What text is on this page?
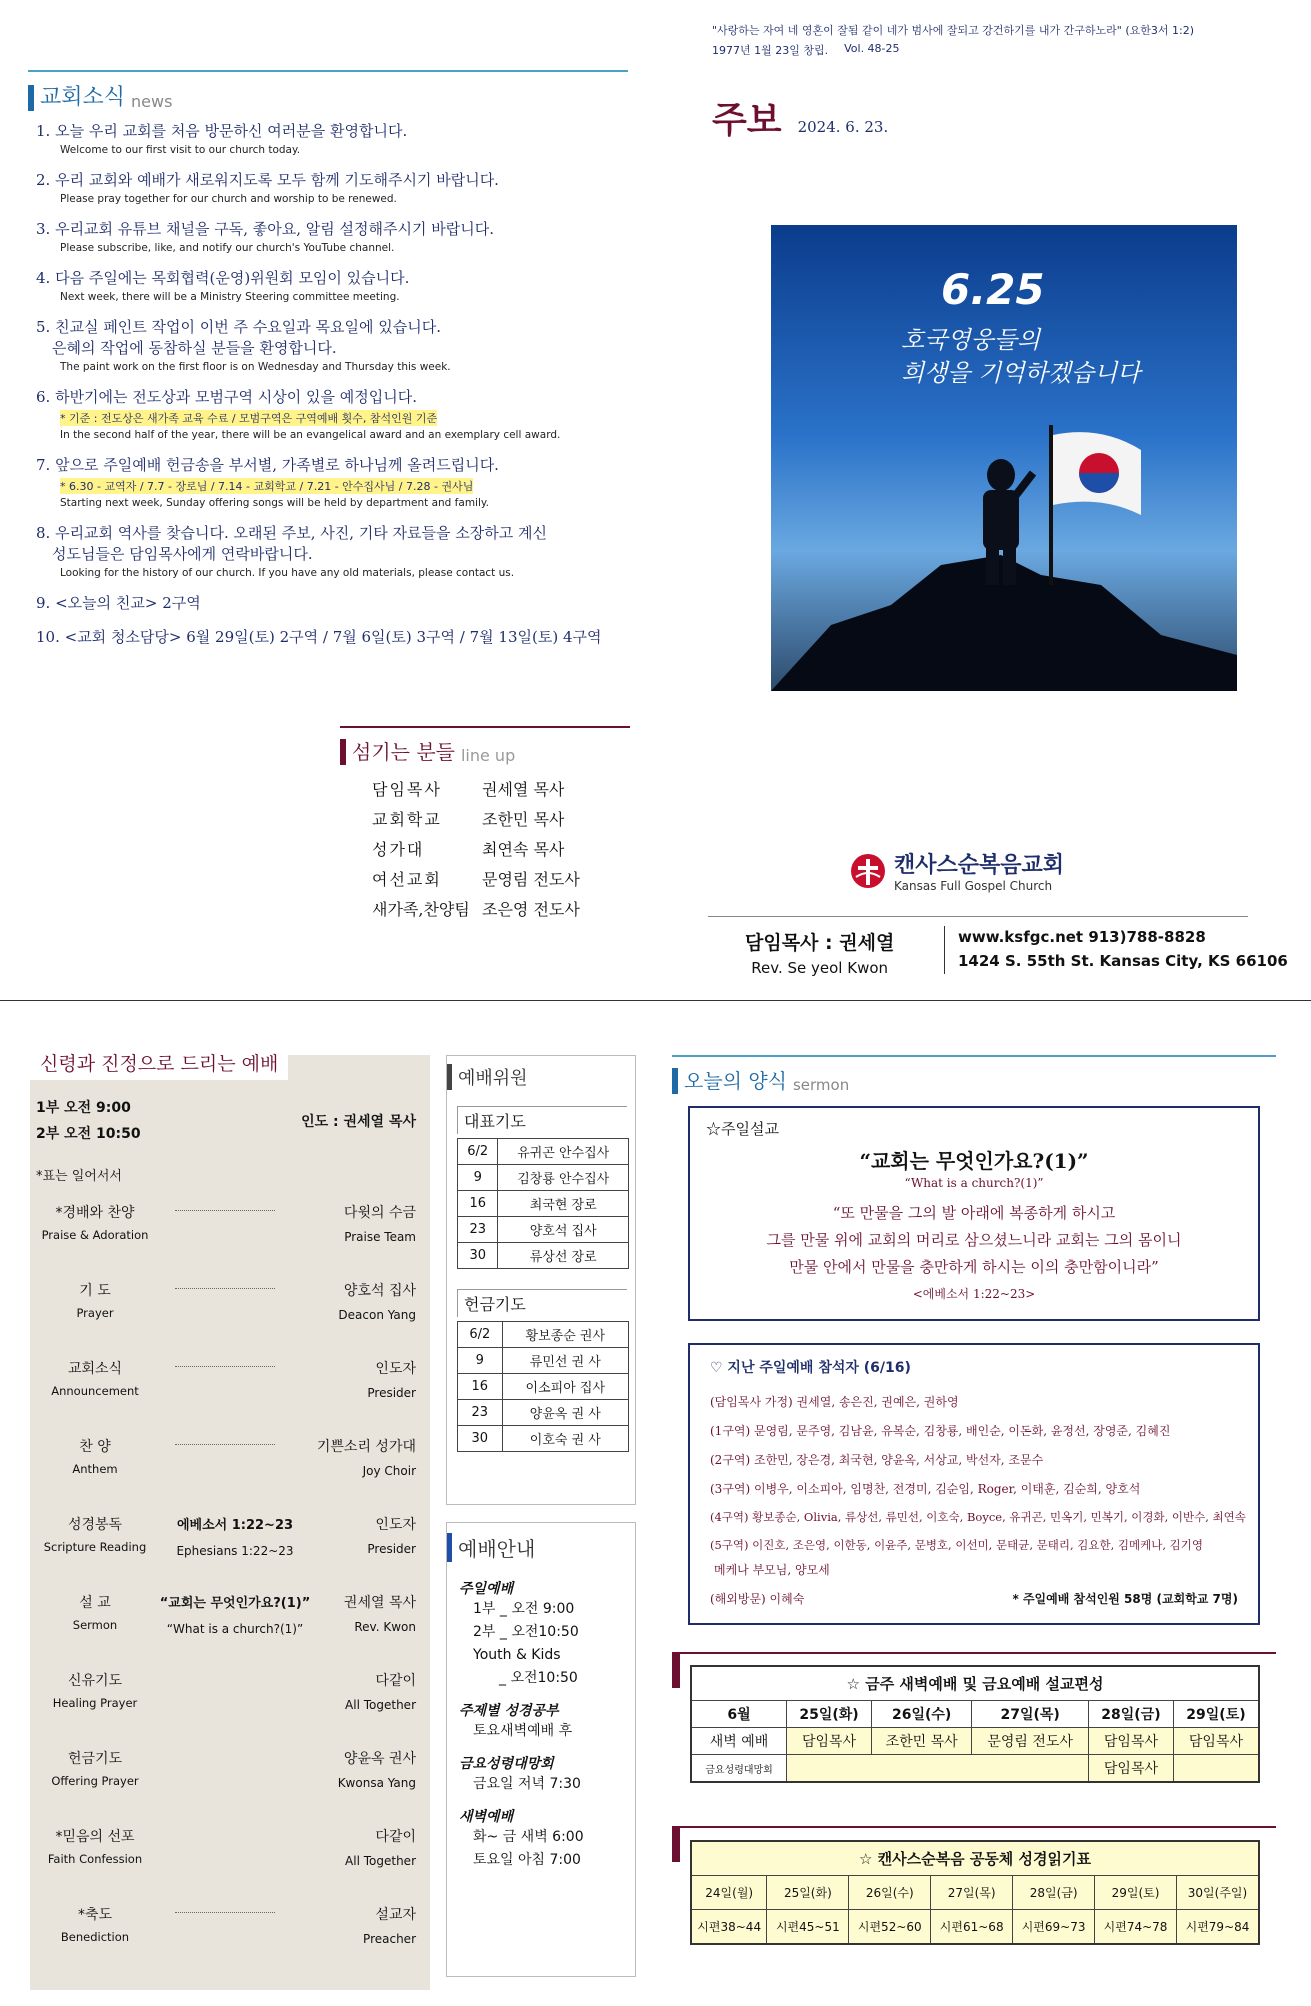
"사랑하는 자여 네 영혼이 잘됨 같이 네가 범사에 잘되고 강건하기를 내가 간구하노라" (요한3서 1:2)
1977년 1월 23일 창립. Vol. 48-25
주보 2024. 6. 23.
6.25
호국영웅들의
희생을 기억하겠습니다
교회소식 news
1. 오늘 우리 교회를 처음 방문하신 여러분을 환영합니다.
Welcome to our first visit to our church today.
2. 우리 교회와 예배가 새로워지도록 모두 함께 기도해주시기 바랍니다.
Please pray together for our church and worship to be renewed.
3. 우리교회 유튜브 채널을 구독, 좋아요, 알림 설정해주시기 바랍니다.
Please subscribe, like, and notify our church's YouTube channel.
4. 다음 주일에는 목회협력(운영)위원회 모임이 있습니다.
Next week, there will be a Ministry Steering committee meeting.
5. 친교실 페인트 작업이 이번 주 수요일과 목요일에 있습니다.
은혜의 작업에 동참하실 분들을 환영합니다.
The paint work on the first floor is on Wednesday and Thursday this week.
6. 하반기에는 전도상과 모범구역 시상이 있을 예정입니다.
* 기준 : 전도상은 새가족 교육 수료 / 모범구역은 구역예배 횟수, 참석인원 기준
In the second half of the year, there will be an evangelical award and an exemplary cell award.
7. 앞으로 주일예배 헌금송을 부서별, 가족별로 하나님께 올려드립니다.
* 6.30 - 교역자 / 7.7 - 장로님 / 7.14 - 교회학교 / 7.21 - 안수집사님 / 7.28 - 권사님
Starting next week, Sunday offering songs will be held by department and family.
8. 우리교회 역사를 찾습니다. 오래된 주보, 사진, 기타 자료들을 소장하고 계신
성도님들은 담임목사에게 연락바랍니다.
Looking for the history of our church. If you have any old materials, please contact us.
9. <오늘의 친교> 2구역
10. <교회 청소담당> 6월 29일(토) 2구역 / 7월 6일(토) 3구역 / 7월 13일(토) 4구역
섬기는 분들 line up
담임목사	권세열 목사
교회학교	조한민 목사
성가대	최연속 목사
여선교회	문영림 전도사
새가족,찬양팀 조은영 전도사
캔사스순복음교회
Kansas Full Gospel Church
담임목사 : 권세열
Rev. Se yeol Kwon
www.ksfgc.net 913)788-8828
1424 S. 55th St. Kansas City, KS 66106
신령과 진정으로 드리는 예배
1부 오전 9:00
2부 오전 10:50
인도 : 권세열 목사
*표는 일어서서
*경배와 찬양	다윗의 수금
Praise & Adoration	Praise Team
기 도	양호석 집사
Prayer	Deacon Yang
교회소식	인도자
Announcement	Presider
찬 양	기쁜소리 성가대
Anthem	Joy Choir
성경봉독	에베소서 1:22~23	인도자
Scripture Reading	Ephesians 1:22~23	Presider
설 교	“교회는 무엇인가요?(1)”	권세열 목사
Sermon	“What is a church?(1)”	Rev. Kwon
신유기도	다같이
Healing Prayer	All Together
헌금기도	양윤옥 권사
Offering Prayer	Kwonsa Yang
*믿음의 선포	다같이
Faith Confession	All Together
*축도	설교자
Benediction	Preacher
예배위원
대표기도
6/2	유귀곤 안수집사
9	김창룡 안수집사
16	최국현 장로
23	양호석 집사
30	류상선 장로
헌금기도
6/2	황보종순 권사
9	류민선 권 사
16	이소피아 집사
23	양윤옥 권 사
30	이호숙 권 사
예배안내
주일예배

1부 _ 오전 9:00

2부 _ 오전10:50

Youth & Kids

_ 오전10:50

주제별 성경공부

토요새벽예배 후

금요성령대망회

금요일 저녁 7:30

새벽예배

화~ 금 새벽 6:00

토요일 아침 7:00

오늘의 양식 sermon
☆주일설교
“교회는 무엇인가요?(1)”
“What is a church?(1)”
“또 만물을 그의 발 아래에 복종하게 하시고
그를 만물 위에 교회의 머리로 삼으셨느니라 교회는 그의 몸이니
만물 안에서 만물을 충만하게 하시는 이의 충만함이니라”
<에베소서 1:22~23>
♡ 지난 주일예배 참석자 (6/16)
(담임목사 가정) 권세열, 송은진, 권예은, 권하영
(1구역) 문영림, 문주영, 김남윤, 유복순, 김창룡, 배인순, 이돈화, 윤정선, 장영준, 김혜진
(2구역) 조한민, 장은경, 최국현, 양윤옥, 서상교, 박선자, 조문수
(3구역) 이병우, 이소피아, 임명찬, 전경미, 김순임, Roger, 이태훈, 김순희, 양호석
(4구역) 황보종순, Olivia, 류상선, 류민선, 이호숙, Boyce, 유귀곤, 민옥기, 민복기, 이경화, 이반수, 최연속
(5구역) 이진호, 조은영, 이한동, 이윤주, 문병호, 이선미, 문태균, 문태리, 김요한, 김메케나, 김기영
메케나 부모님, 양모세
(해외방문) 이혜숙	* 주일예배 참석인원 58명 (교회학교 7명)
☆ 금주 새벽예배 및 금요예배 설교편성					
6월	25일(화)	26일(수)	27일(목)	28일(금)	29일(토)
새벽 예배	담임목사	조한민 목사	문영림 전도사	담임목사	담임목사
금요성령대망회				담임목사	
☆ 캔사스순복음 공동체 성경읽기표						
24일(월)	25일(화)	26일(수)	27일(목)	28일(금)	29일(토)	30일(주일)
시편38~44	시편45~51	시편52~60	시편61~68	시편69~73	시편74~78	시편79~84
